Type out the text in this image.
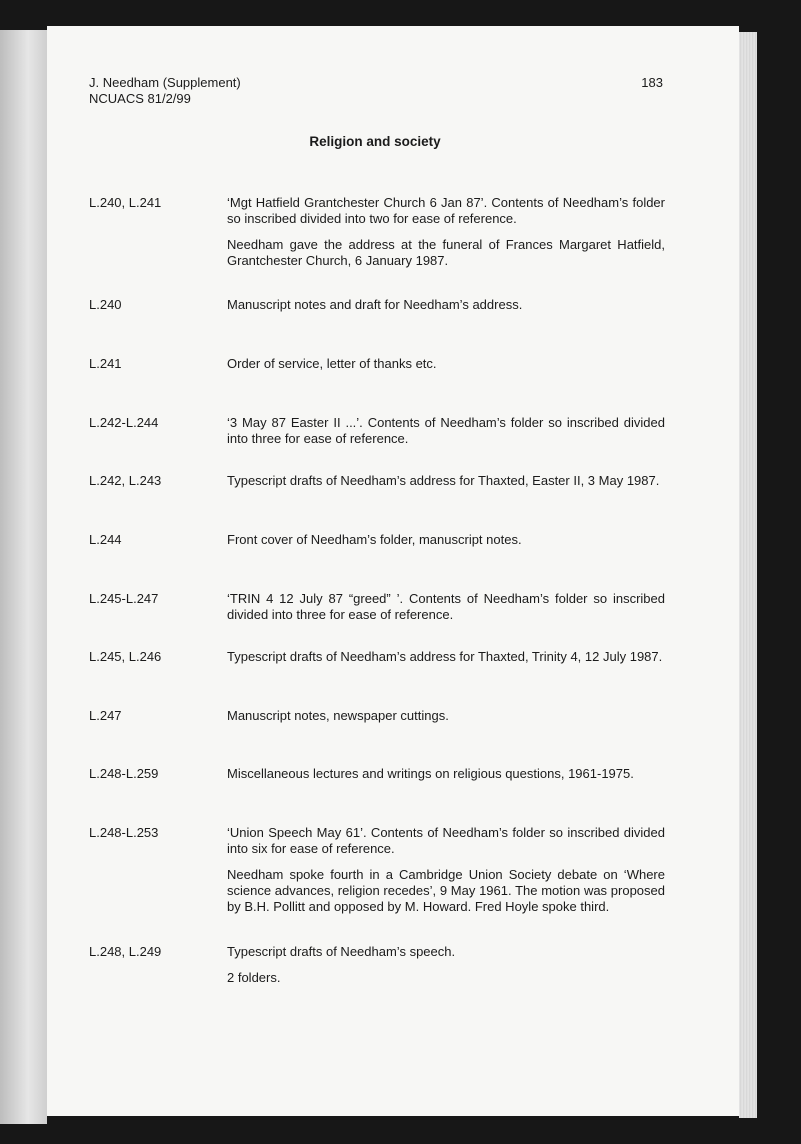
J. Needham (Supplement)
NCUACS 81/2/99
183
Religion and society
L.240, L.241	‘Mgt Hatfield Grantchester Church 6 Jan 87’. Contents of Needham’s folder so inscribed divided into two for ease of reference.

Needham gave the address at the funeral of Frances Margaret Hatfield, Grantchester Church, 6 January 1987.

L.240	Manuscript notes and draft for Needham’s address.

L.241	Order of service, letter of thanks etc.

L.242-L.244	‘3 May 87 Easter II ...’. Contents of Needham’s folder so inscribed divided into three for ease of reference.

L.242, L.243	Typescript drafts of Needham’s address for Thaxted, Easter II, 3 May 1987.

L.244	Front cover of Needham’s folder, manuscript notes.

L.245-L.247	‘TRIN 4 12 July 87 “greed” ’. Contents of Needham’s folder so inscribed divided into three for ease of reference.

L.245, L.246	Typescript drafts of Needham’s address for Thaxted, Trinity 4, 12 July 1987.

L.247	Manuscript notes, newspaper cuttings.

L.248-L.259	Miscellaneous lectures and writings on religious questions, 1961-1975.

L.248-L.253	‘Union Speech May 61’. Contents of Needham’s folder so inscribed divided into six for ease of reference.

Needham spoke fourth in a Cambridge Union Society debate on ‘Where science advances, religion recedes’, 9 May 1961. The motion was proposed by B.H. Pollitt and opposed by M. Howard. Fred Hoyle spoke third.

L.248, L.249	Typescript drafts of Needham’s speech.

2 folders.
